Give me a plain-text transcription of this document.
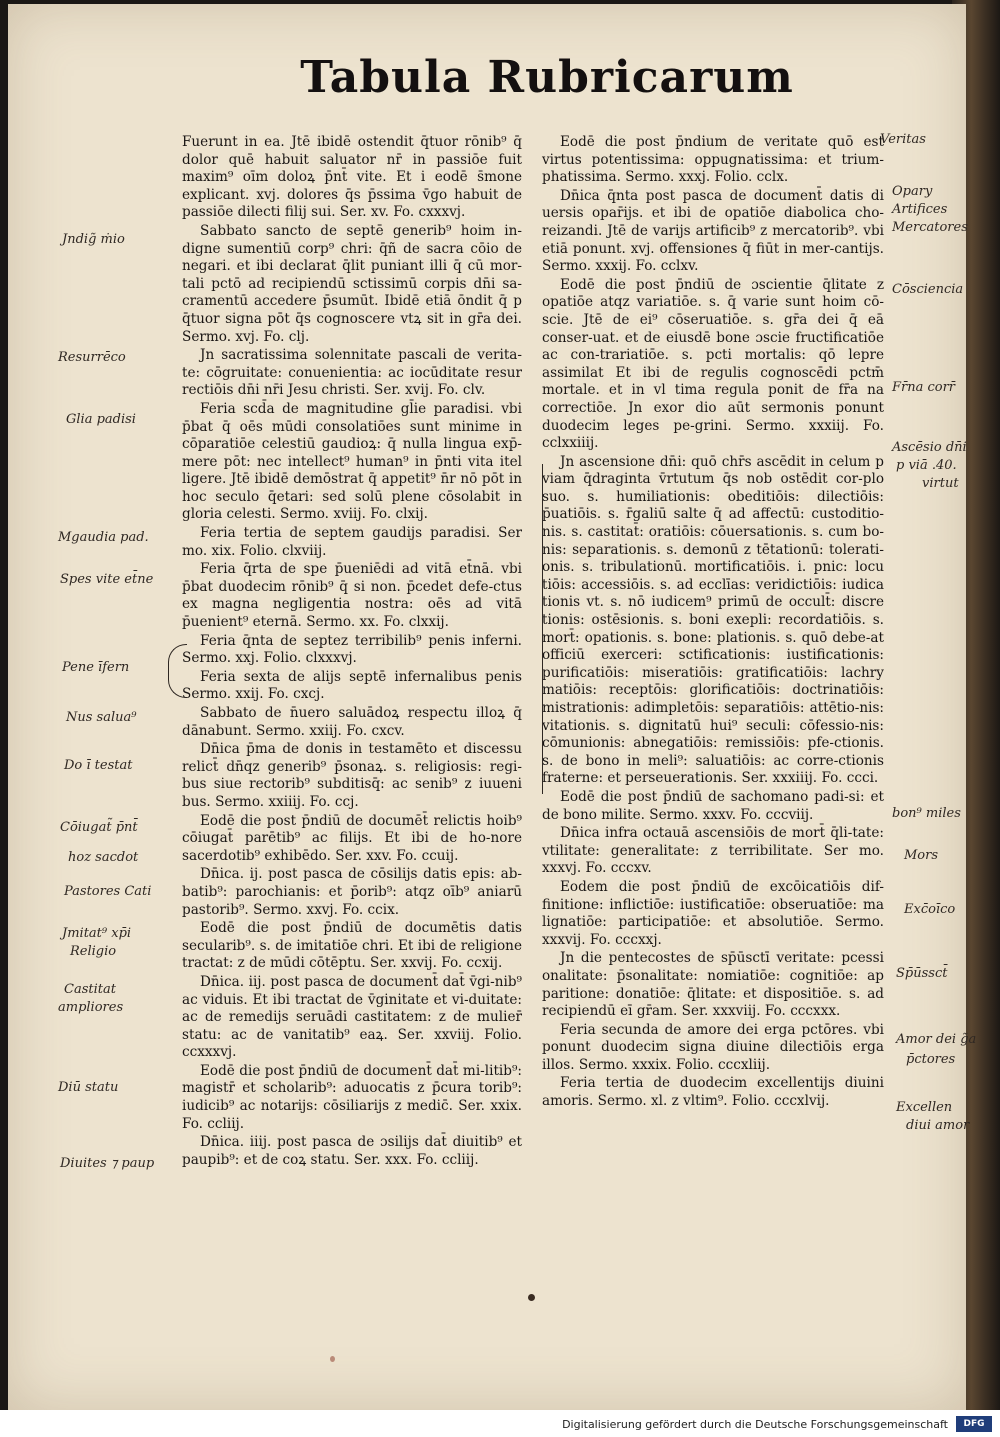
Tabula Rubricarum

Fuerunt in ea. Jtē ibidē ostendit q̄tuor rōnib⁹ q̄ dolor quē habuit saluator nr̄ in passiōe fuit maxim⁹ oīm doloꝝ p̄nt̄ vite. Et i eodē s̄mone explicant. xvj. dolores q̄s p̄ssima v̄go habuit de passiōe dilecti filij sui. Ser. xv. Fo. cxxxvj.

Sabbato sancto de septē generib⁹ hoim in-digne sumentiū corp⁹ chri: q̄ñ de sacra cōio de negari. et ibi declarat q̄lit puniant illi q̄ cū mor-tali pctō ad recipiendū sctissimū corpis dn̄i sa-cramentū accedere p̄sumūt. Ibidē etiā ōndit q̄ p q̄tuor signa pōt q̄s cognoscere vtꝝ sit in gr̄a dei. Sermo. xvj. Fo. clj.

Jn sacratissima solennitate pascali de verita-te: cōgruitate: conuenientia: ac iocūditate resur rectiōis dn̄i nr̄i Jesu christi. Ser. xvij. Fo. clv.

Feria scd̄a de magnitudine gl̄ie paradisi. vbi p̄bat q̄ oēs mūdi consolatiōes sunt minime in cōparatiōe celestiū gaudioꝝ: q̄ nulla lingua exp̄-mere pōt: nec intellect⁹ human⁹ in p̄nti vita itel ligere. Jtē ibidē demōstrat q̄ appetit⁹ n̄r nō pōt in hoc seculo q̄etari: sed solū plene cōsolabit in gloria celesti. Sermo. xviij. Fo. clxij.

Feria tertia de septem gaudijs paradisi. Ser mo. xix. Folio. clxviij.

Feria q̄rta de spe p̄ueniēdi ad vitā et̄nā. vbi p̄bat duodecim rōnib⁹ q̄ si non. p̄cedet defe-ctus ex magna negligentia nostra: oēs ad vitā p̄uenient⁹ eternā. Sermo. xx. Fo. clxxij.

Feria q̄nta de septez terribilib⁹ penis inferni. Sermo. xxj. Folio. clxxxvj.

Feria sexta de alijs septē infernalibus penis Sermo. xxij. Fo. cxcj.

Sabbato de n̄uero saluādoꝝ respectu illoꝝ q̄ dānabunt. Sermo. xxiij. Fo. cxcv.

Dn̄ica p̄ma de donis in testamēto et discessu relict̄ dn̄qz generib⁹ p̄sonaꝝ. s. religiosis: regi-bus siue rectorib⁹ subditisq̄: ac senib⁹ z iuueni bus. Sermo. xxiiij. Fo. ccj.

Eodē die post p̄ndiū de documēt̄ relictis hoib⁹ cōiugat̄ parētib⁹ ac filijs. Et ibi de ho-nore sacerdotib⁹ exhibēdo. Ser. xxv. Fo. ccuij.

Dn̄ica. ij. post pasca de cōsilijs datis epis: ab-batib⁹: parochianis: et p̄orib⁹: atqz oīb⁹ aniarū pastorib⁹. Sermo. xxvj. Fo. ccix.

Eodē die post p̄ndiū de documētis datis secularib⁹. s. de imitatiōe chri. Et ibi de religione tractat: z de mūdi cōtēptu. Ser. xxvij. Fo. ccxij.

Dn̄ica. iij. post pasca de document̄ dat̄ v̄gi-nib⁹ ac viduis. Et ibi tractat de v̄ginitate et vi-duitate: ac de remedijs seruādi castitatem: z de mulier̄ statu: ac de vanitatib⁹ eaꝝ. Ser. xxviij. Folio. ccxxxvj.

Eodē die post p̄ndiū de document̄ dat̄ mi-litib⁹: magistr̄ et scholarib⁹: aduocatis z p̄cura torib⁹: iudicib⁹ ac notarijs: cōsiliarijs z medic̄. Ser. xxix. Fo. ccliij.

Dn̄ica. iiij. post pasca de ɔsilijs dat̄ diuitib⁹ et paupib⁹: et de coꝝ statu. Ser. xxx. Fo. ccliij.

Eodē die post p̄ndium de veritate quō est virtus potentissima: oppugnatissima: et trium-phatissima. Sermo. xxxj. Folio. cclx.

Dn̄ica q̄nta post pasca de document̄ datis di uersis opar̄ijs. et ibi de opatiōe diabolica cho-reizandi. Jtē de varijs artificib⁹ z mercatorib⁹. vbi etiā ponunt. xvj. offensiones q̄ fiūt in mer-cantijs. Sermo. xxxij. Fo. cclxv.

Eodē die post p̄ndiū de ɔscientie q̄litate z opatiōe atqz variatiōe. s. q̄ varie sunt hoim cō-scie. Jtē de ei⁹ cōseruatiōe. s. gr̄a dei q̄ eā conser-uat. et de eiusdē bone ɔscie fructificatiōe ac con-trariatiōe. s. pcti mortalis: qō lepre assimilat Et ibi de regulis cognoscēdi pctm̄ mortale. et in vl tima regula ponit de fr̄a na correctiōe. Jn exor dio aūt sermonis ponunt duodecim leges pe-grini. Sermo. xxxiij. Fo. cclxxiiij.

Jn ascensione dn̄i: quō chr̄s ascēdit in celum p viam q̄draginta v̄rtutum q̄s nob ostēdit cor-plo suo. s. humiliationis: obeditiōis: dilectiōis: p̄uatiōis. s. r̄galiū salte q̄ ad affectū: custoditio-nis. s. castitat̄: oratiōis: cōuersationis. s. cum bo-nis: separationis. s. demonū z tētationū: tolerati-onis. s. tribulationū. mortificatiōis. i. pnic: locu tiōis: accessiōis. s. ad ecclīas: veridictiōis: iudica tionis vt. s. nō iudicem⁹ primū de occult̄: discre tionis: ostēsionis. s. boni exepli: recordatiōis. s. mort̄: opationis. s. bone: plationis. s. quō debe-at officiū exerceri: sctificationis: iustificationis: purificatiōis: miseratiōis: gratificatiōis: lachry matiōis: receptōis: glorificatiōis: doctrinatiōis: mistrationis: adimpletōis: separatiōis: attētio-nis: vitationis. s. dignitatū hui⁹ seculi: cōfessio-nis: cōmunionis: abnegatiōis: remissiōis: pfe-ctionis. s. de bono in meli⁹: saluatiōis: ac corre-ctionis fraterne: et perseuerationis. Ser. xxxiiij. Fo. ccci.

Eodē die post p̄ndiū de sachomano padi-si: et de bono milite. Sermo. xxxv. Fo. cccviij.

Dn̄ica infra octauā ascensiōis de mort̄ q̄li-tate: vtilitate: generalitate: z terribilitate. Ser mo. xxxvj. Fo. cccxv.

Eodem die post p̄ndiū de excōicatiōis dif-finitione: inflictiōe: iustificatiōe: obseruatiōe: ma lignatiōe: participatiōe: et absolutiōe. Sermo. xxxvij. Fo. cccxxj.

Jn die pentecostes de sp̄ūsctī veritate: pcessi onalitate: p̄sonalitate: nomiatiōe: cognitiōe: ap paritione: donatiōe: q̄litate: et dispositiōe. s. ad recipiendū eī gr̄am. Ser. xxxviij. Fo. cccxxx.

Feria secunda de amore dei erga pctōres. vbi ponunt duodecim signa diuine dilectiōis erga illos. Sermo. xxxix. Folio. cccxliij.

Feria tertia de duodecim excellentijs diuini amoris. Sermo. xl. z vltim⁹. Folio. cccxlvij.

Jndig̃ ṁio
Resurrēco
Glia padisi
Mgaudia pad.
Spes vite et̄ne
Pene īfern
Nus salua⁹
Do ī testat
Cōiugat̃ p̄nt̄
hoz sacdot
Pastores Cati
Jmitat⁹ xp̄i
Religio
Castitat
ampliores
Diū statu
Diuites ⁊ paup
Veritas
Opary
Artifices
Mercatores
Cōsciencia
Fr̄na corr̄
Ascēsio dn̄i
p viā .40.
virtut
bon⁹ miles
Mors
Exc̄oīco
Sp̄ūssct̄
Amor dei g̃a
p̄ctores
Excellen
diui amor
Digitalisierung gefördert durch die Deutsche Forschungsgemeinschaft	DFG
